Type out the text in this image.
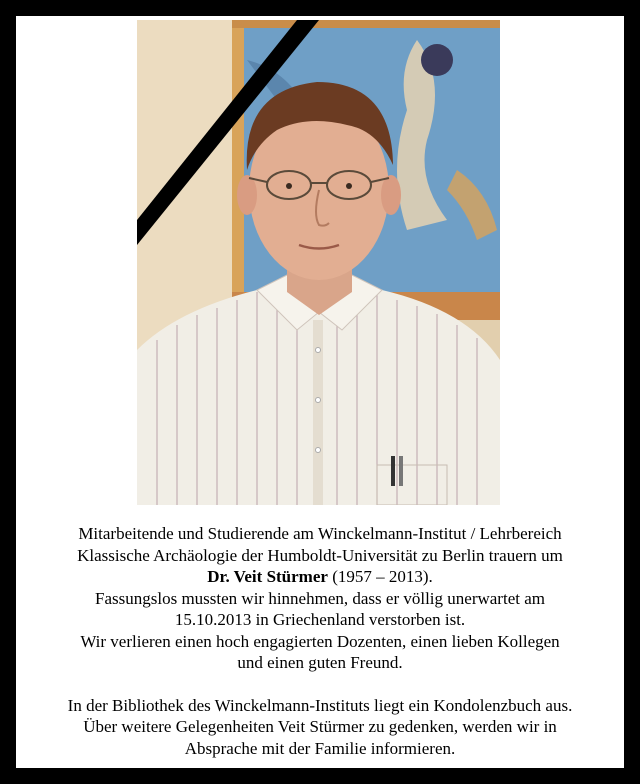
Mitarbeitende und Studierende am Winckelmann-Institut / Lehrbereich

Klassische Archäologie der Humboldt-Universität zu Berlin trauern um

Dr. Veit Stürmer (1957 – 2013).

Fassungslos mussten wir hinnehmen, dass er völlig unerwartet am

15.10.2013 in Griechenland verstorben ist.

Wir verlieren einen hoch engagierten Dozenten, einen lieben Kollegen

und einen guten Freund.

In der Bibliothek des Winckelmann-Instituts liegt ein Kondolenzbuch aus.

Über weitere Gelegenheiten Veit Stürmer zu gedenken, werden wir in

Absprache mit der Familie informieren.
